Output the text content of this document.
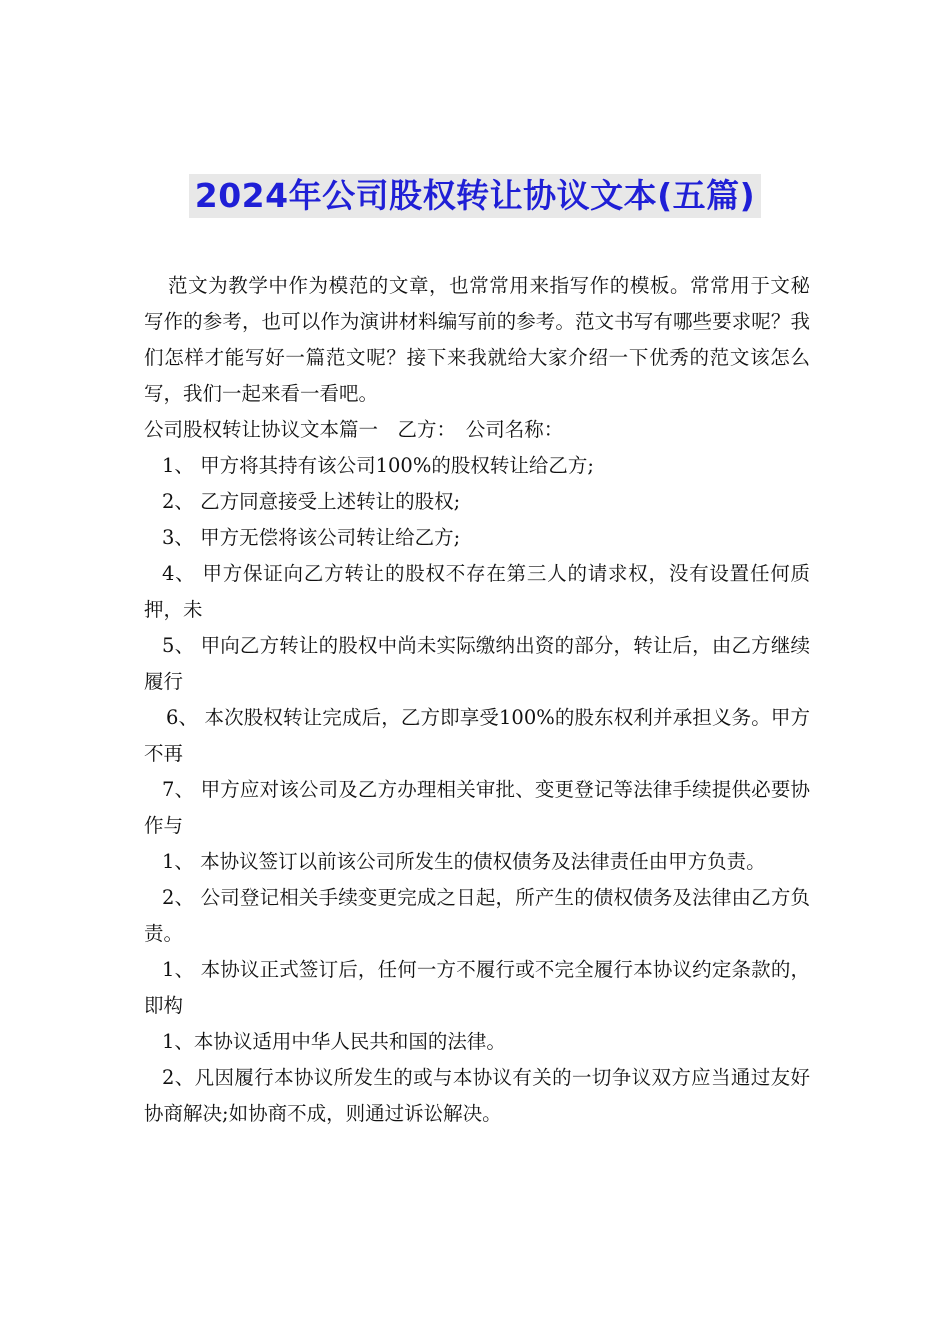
2024年公司股权转让协议文本(五篇)

范文为教学中作为模范的文章，也常常用来指写作的模板。常常用于文秘写作的参考，也可以作为演讲材料编写前的参考。范文书写有哪些要求呢？我们怎样才能写好一篇范文呢？接下来我就给大家介绍一下优秀的范文该怎么写，我们一起来看一看吧。

公司股权转让协议文本篇一　乙方：　公司名称：

1、 甲方将其持有该公司100%的股权转让给乙方;

2、 乙方同意接受上述转让的股权;

3、 甲方无偿将该公司转让给乙方;

4、 甲方保证向乙方转让的股权不存在第三人的请求权，没有设置任何质押，未

5、 甲向乙方转让的股权中尚未实际缴纳出资的部分，转让后，由乙方继续履行

6、 本次股权转让完成后，乙方即享受100%的股东权利并承担义务。甲方不再

7、 甲方应对该公司及乙方办理相关审批、变更登记等法律手续提供必要协作与

1、 本协议签订以前该公司所发生的债权债务及法律责任由甲方负责。

2、 公司登记相关手续变更完成之日起，所产生的债权债务及法律由乙方负责。

1、 本协议正式签订后，任何一方不履行或不完全履行本协议约定条款的，即构

1、本协议适用中华人民共和国的法律。

2、凡因履行本协议所发生的或与本协议有关的一切争议双方应当通过友好协商解决;如协商不成，则通过诉讼解决。
